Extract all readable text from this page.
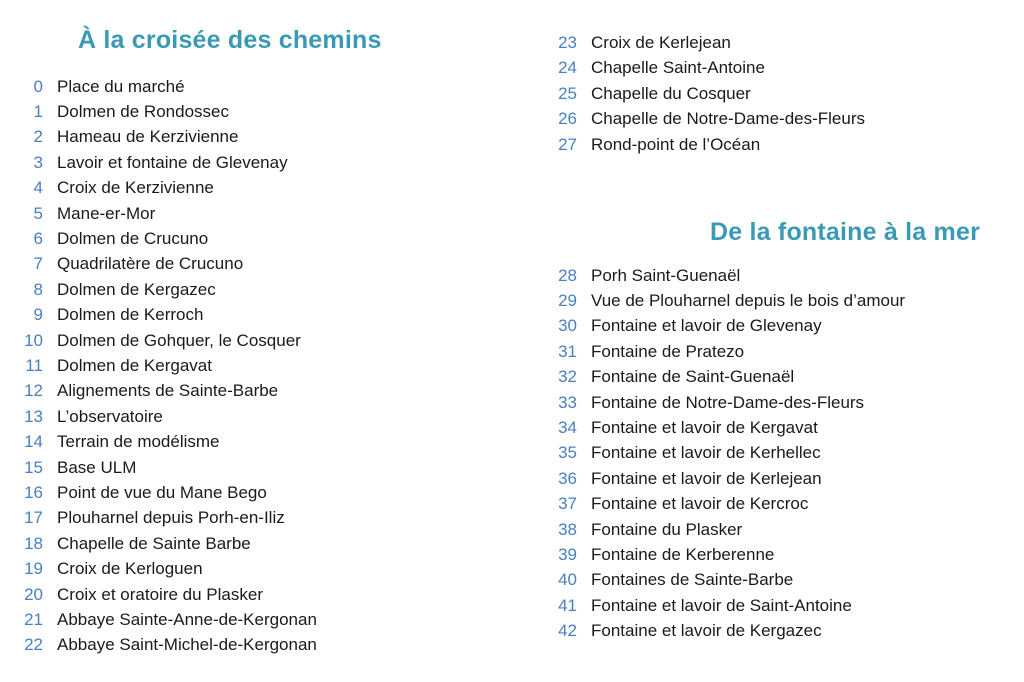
À la croisée des chemins
0 Place du marché
1 Dolmen de Rondossec
2 Hameau de Kerzivienne
3 Lavoir et fontaine de Glevenay
4 Croix de Kerzivienne
5 Mane-er-Mor
6 Dolmen de Crucuno
7 Quadrilatère de Crucuno
8 Dolmen de Kergazec
9 Dolmen de Kerroch
10 Dolmen de Gohquer, le Cosquer
11 Dolmen de Kergavat
12 Alignements de Sainte-Barbe
13 L’observatoire
14 Terrain de modélisme
15 Base ULM
16 Point de vue du Mane Bego
17 Plouharnel depuis Porh-en-Iliz
18 Chapelle de Sainte Barbe
19 Croix de Kerloguen
20 Croix et oratoire du Plasker
21 Abbaye Sainte-Anne-de-Kergonan
22 Abbaye Saint-Michel-de-Kergonan
23 Croix de Kerlejean
24 Chapelle Saint-Antoine
25 Chapelle du Cosquer
26 Chapelle de Notre-Dame-des-Fleurs
27 Rond-point de l’Océan
De la fontaine à la mer
28 Porh Saint-Guenaël
29 Vue de Plouharnel depuis le bois d’amour
30 Fontaine et lavoir de Glevenay
31 Fontaine de Pratezo
32 Fontaine de Saint-Guenaël
33 Fontaine de Notre-Dame-des-Fleurs
34 Fontaine et lavoir de Kergavat
35 Fontaine et lavoir de Kerhellec
36 Fontaine et lavoir de Kerlejean
37 Fontaine et lavoir de Kercroc
38 Fontaine du Plasker
39 Fontaine de Kerberenne
40 Fontaines de Sainte-Barbe
41 Fontaine et lavoir de Saint-Antoine
42 Fontaine et lavoir de Kergazec
